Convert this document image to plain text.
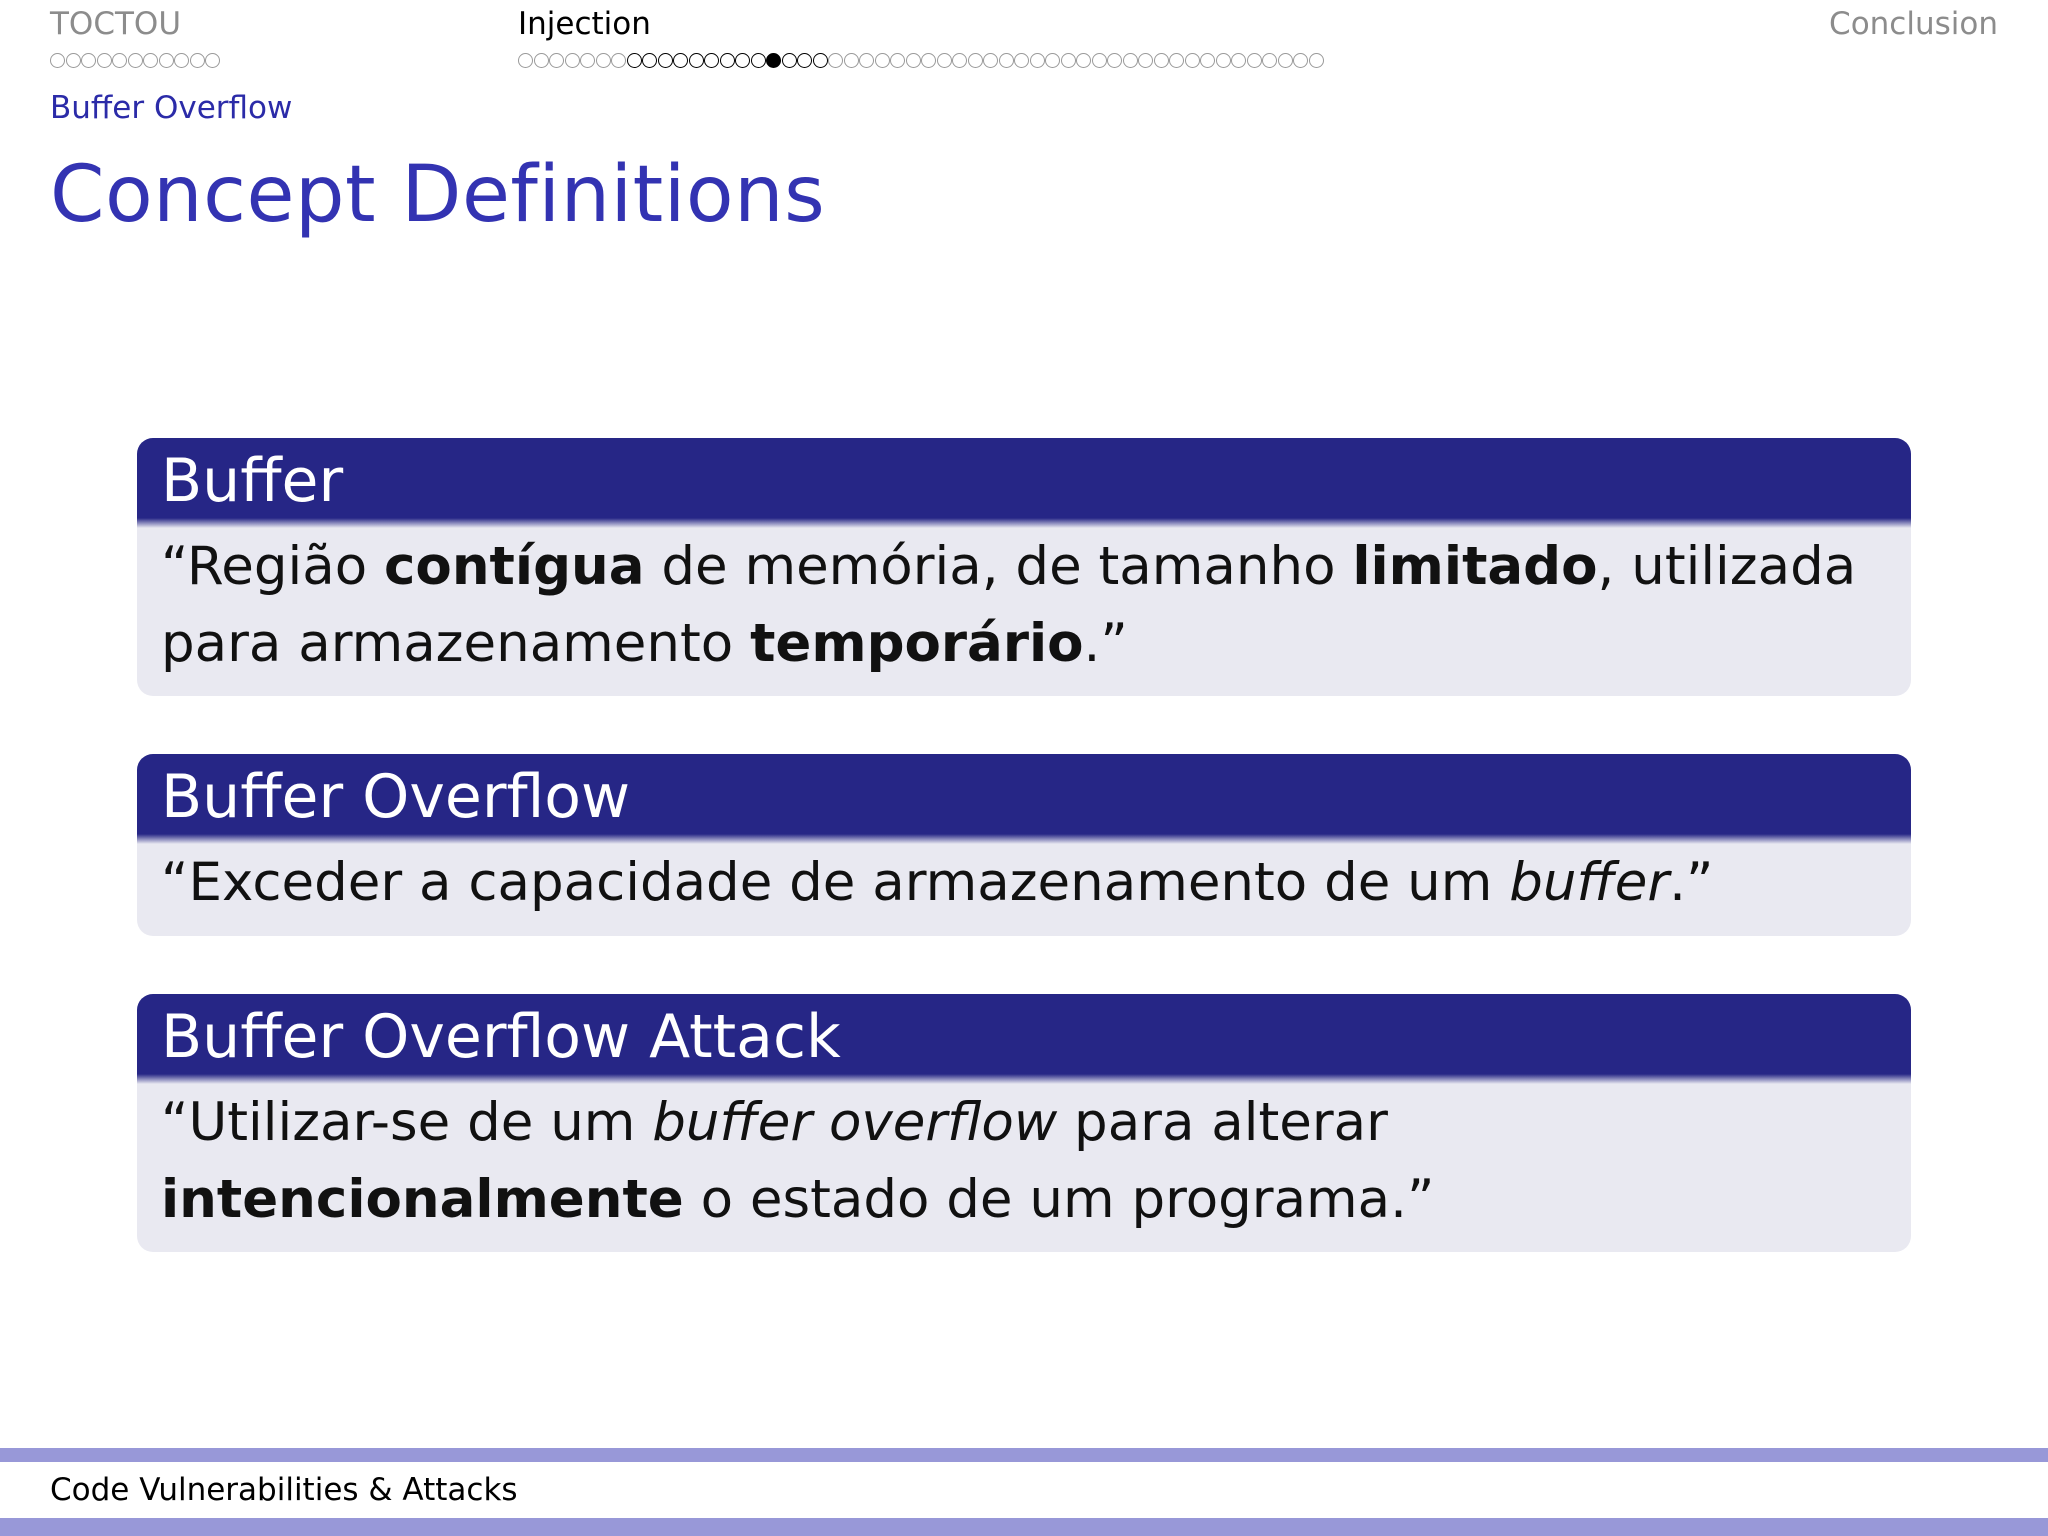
TOCTOU	Injection	Conclusion
Buffer Overflow
Concept Definitions
Buffer
“Região contígua de memória, de tamanho limitado, utilizada para armazenamento temporário.”
Buffer Overflow
“Exceder a capacidade de armazenamento de um buffer.”
Buffer Overflow Attack
“Utilizar-se de um buffer overflow para alterar intencionalmente o estado de um programa.”
Code Vulnerabilities & Attacks
